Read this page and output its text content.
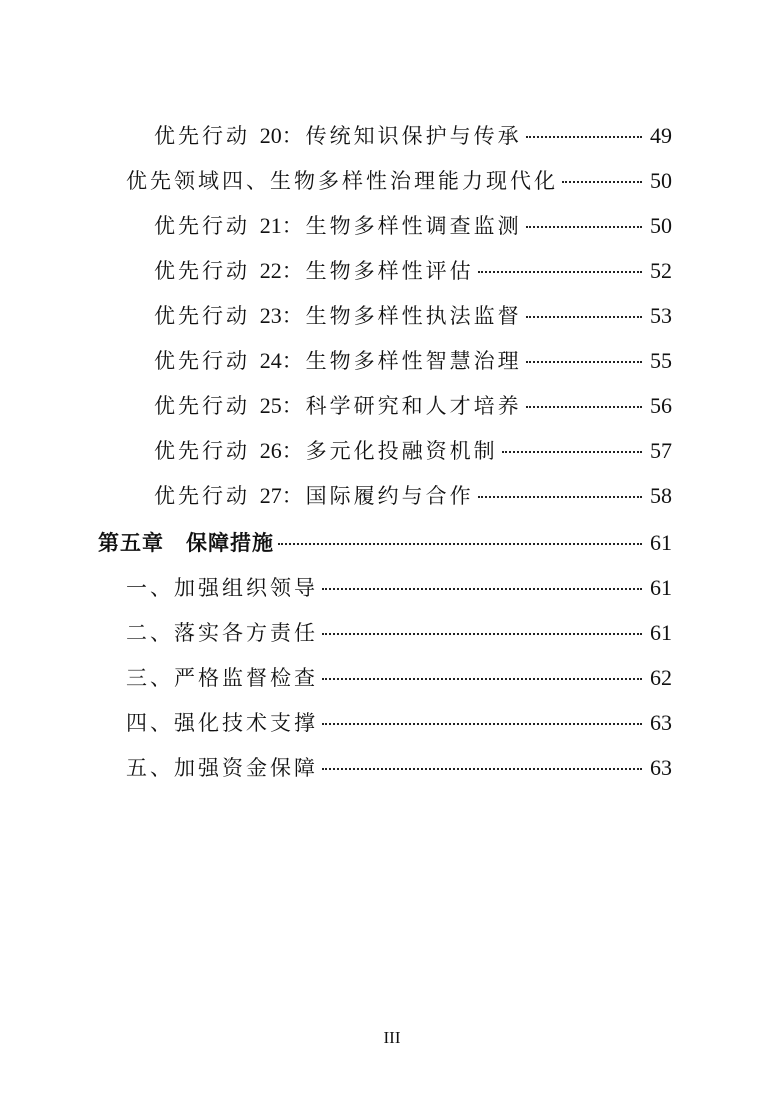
优先行动 20：传统知识保护与传承	49
优先领域四、生物多样性治理能力现代化	50
优先行动 21：生物多样性调查监测	50
优先行动 22：生物多样性评估	52
优先行动 23：生物多样性执法监督	53
优先行动 24：生物多样性智慧治理	55
优先行动 25：科学研究和人才培养	56
优先行动 26：多元化投融资机制	57
优先行动 27：国际履约与合作	58
第五章　保障措施	61
一、加强组织领导	61
二、落实各方责任	61
三、严格监督检查	62
四、强化技术支撑	63
五、加强资金保障	63
III
